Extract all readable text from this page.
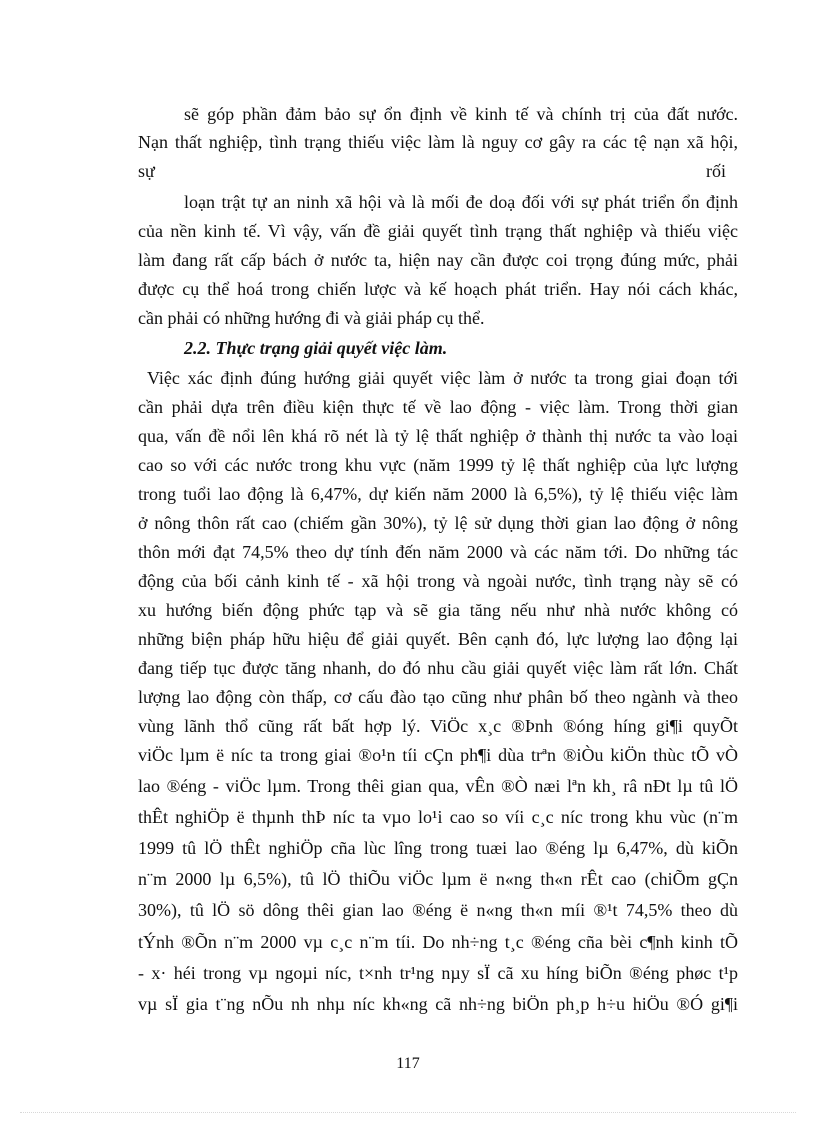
sẽ góp phần đảm bảo sự ổn định về kinh tế và chính trị của đất nước.
Nạn thất nghiệp, tình trạng thiếu việc làm là nguy cơ gây ra các tệ nạn xã hội,
sự	rối
loạn trật tự an ninh xã hội và là mối đe doạ đối với sự phát triển ổn định
của nền kinh tế. Vì vậy, vấn đề giải quyết tình trạng thất nghiệp và thiếu việc
làm đang rất cấp bách ở nước ta, hiện nay cần được coi trọng đúng mức, phải
được cụ thể hoá trong chiến lược và kế hoạch phát triển. Hay nói cách khác,
cần phải có những hướng đi và giải pháp cụ thể.
2.2. Thực trạng giải quyết việc làm.
Việc xác định đúng hướng giải quyết việc làm ở nước ta trong giai đoạn tới
cần phải dựa trên điều kiện thực tế về lao động - việc làm. Trong thời gian
qua, vấn đề nổi lên khá rõ nét là tỷ lệ thất nghiệp ở thành thị nước ta vào loại
cao so với các nước trong khu vực (năm 1999 tỷ lệ thất nghiệp của lực lượng
trong tuổi lao động là 6,47%, dự kiến năm 2000 là 6,5%), tỷ lệ thiếu việc làm
ở nông thôn rất cao (chiếm gần 30%), tỷ lệ sử dụng thời gian lao động ở nông
thôn mới đạt 74,5% theo dự tính đến năm 2000 và các năm tới. Do những tác
động của bối cảnh kinh tế - xã hội trong và ngoài nước, tình trạng này sẽ có
xu hướng biến động phức tạp và sẽ gia tăng nếu như nhà nước không có
những biện pháp hữu hiệu để giải quyết. Bên cạnh đó, lực lượng lao động lại
đang tiếp tục được tăng nhanh, do đó nhu cầu giải quyết việc làm rất lớn. Chất
lượng lao động còn thấp, cơ cấu đào tạo cũng như phân bố theo ngành và theo
vùng lãnh thổ cũng rất bất hợp lý. ViÖc x¸c ®Þnh ®óng híng gi¶i quyÕt
viÖc lµm ë níc ta trong giai ®o¹n tíi cÇn ph¶i dùa trªn ®iÒu kiÖn thùc tÕ vÒ
lao ®éng - viÖc lµm. Trong thêi gian qua, vÊn ®Ò næi lªn kh¸ râ nÐt lµ tû lÖ
thÊt nghiÖp ë thµnh thÞ níc ta vµo lo¹i cao so víi c¸c níc trong khu vùc (n¨m
1999 tû lÖ thÊt nghiÖp cña lùc lîng trong tuæi lao ®éng lµ 6,47%, dù kiÕn
n¨m 2000 lµ 6,5%), tû lÖ thiÕu viÖc lµm ë n«ng th«n rÊt cao (chiÕm gÇn
30%), tû lÖ sö dông thêi gian lao ®éng ë n«ng th«n míi ®¹t 74,5% theo dù
tÝnh ®Õn n¨m 2000 vµ c¸c n¨m tíi. Do nh÷ng t¸c ®éng cña bèi c¶nh kinh tÕ
- x· héi trong vµ ngoµi níc, t×nh tr¹ng nµy sÏ cã xu híng biÕn ®éng phøc t¹p
vµ sÏ gia t¨ng nÕu nh nhµ níc kh«ng cã nh÷ng biÖn ph¸p h÷u hiÖu ®Ó gi¶i
117
